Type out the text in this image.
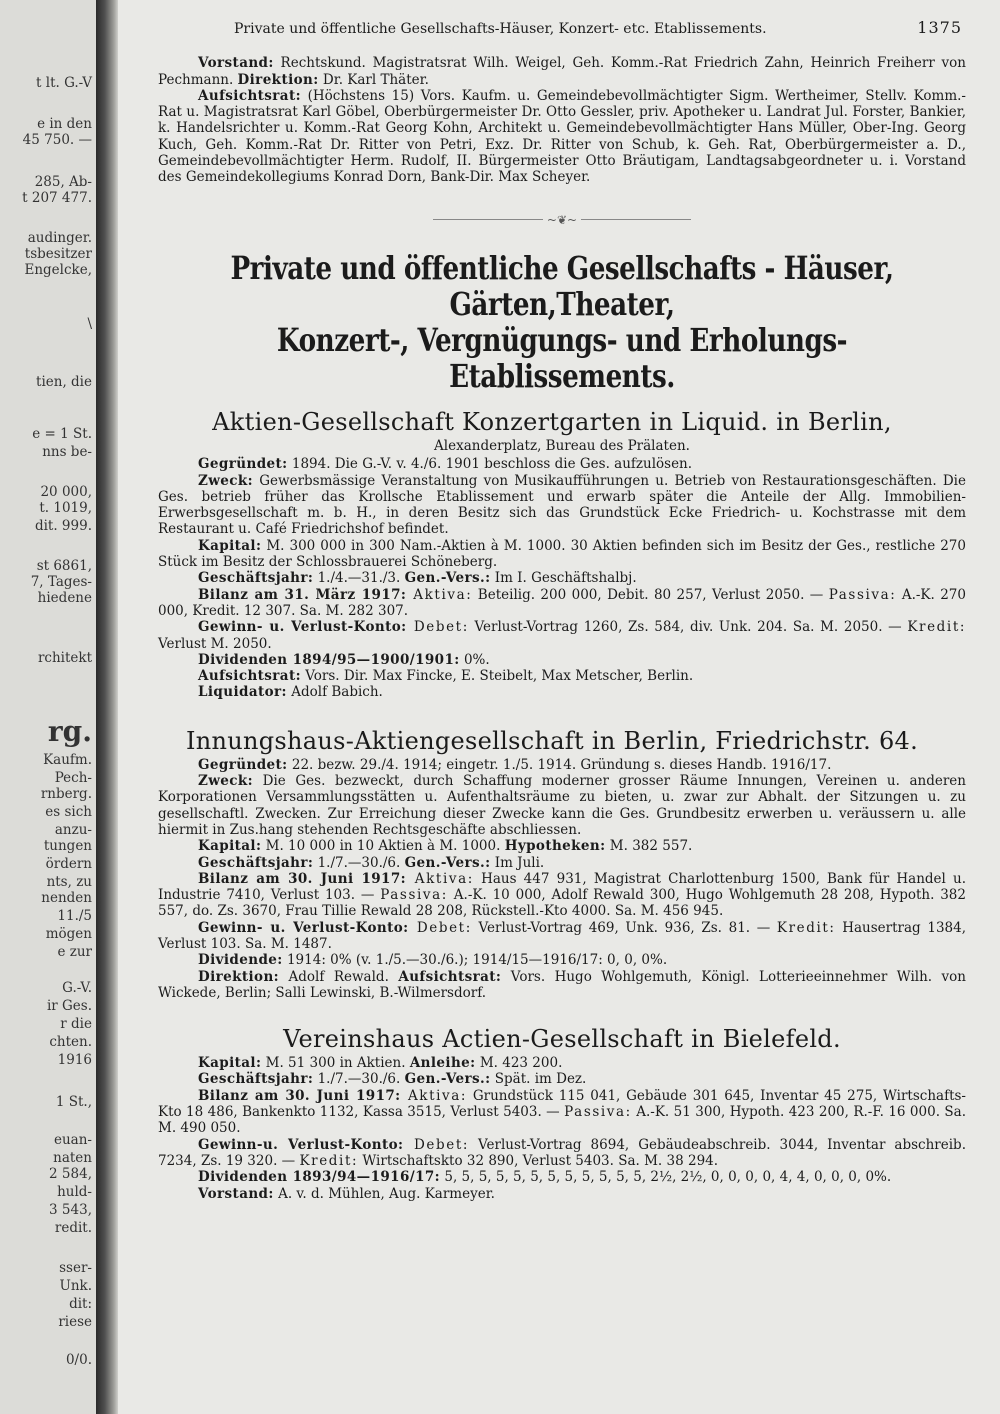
t lt. G.-V
e in den
45 750. —
285, Ab-
t 207 477.
audinger.
tsbesitzer
Engelcke,
\
tien, die
e = 1 St.
nns be-
20 000,
t. 1019,
dit. 999.
st 6861,
7, Tages-
hiedene
rchitekt
rg.
Kaufm.
Pech-
rnberg.
es sich
anzu-
tungen
ördern
nts, zu
nenden
11./5
mögen
e zur
G.-V.
ir Ges.
r die
chten.
1916
1 St.,
euan-
naten
2 584,
huld-
3 543,
redit.
sser-
Unk.
dit:
riese
0/0.
Private und öffentliche Gesellschafts-Häuser, Konzert- etc. Etablissements.	1375

Vorstand: Rechtskund. Magistratsrat Wilh. Weigel, Geh. Komm.-Rat Friedrich Zahn, Heinrich Freiherr von Pechmann. Direktion: Dr. Karl Thäter.

Aufsichtsrat: (Höchstens 15) Vors. Kaufm. u. Gemeindebevollmächtigter Sigm. Wertheimer, Stellv. Komm.-Rat u. Magistratsrat Karl Göbel, Oberbürgermeister Dr. Otto Gessler, priv. Apotheker u. Landrat Jul. Forster, Bankier, k. Handelsrichter u. Komm.-Rat Georg Kohn, Architekt u. Gemeindebevollmächtigter Hans Müller, Ober-Ing. Georg Kuch, Geh. Komm.-Rat Dr. Ritter von Petri, Exz. Dr. Ritter von Schub, k. Geh. Rat, Oberbürgermeister a. D., Gemeindebevollmächtigter Herm. Rudolf, II. Bürgermeister Otto Bräutigam, Landtagsabgeordneter u. i. Vorstand des Gemeindekollegiums Konrad Dorn, Bank-Dir. Max Scheyer.

~❦~
Private und öffentliche Gesellschafts - Häuser, Gärten,Theater,
Konzert-, Vergnügungs- und Erholungs-Etablissements.
Aktien-Gesellschaft Konzertgarten in Liquid. in Berlin,
Alexanderplatz, Bureau des Prälaten.

Gegründet: 1894. Die G.-V. v. 4./6. 1901 beschloss die Ges. aufzulösen.

Zweck: Gewerbsmässige Veranstaltung von Musikaufführungen u. Betrieb von Restaurationsgeschäften. Die Ges. betrieb früher das Krollsche Etablissement und erwarb später die Anteile der Allg. Immobilien-Erwerbsgesellschaft m. b. H., in deren Besitz sich das Grundstück Ecke Friedrich- u. Kochstrasse mit dem Restaurant u. Café Friedrichshof befindet.

Kapital: M. 300 000 in 300 Nam.-Aktien à M. 1000. 30 Aktien befinden sich im Besitz der Ges., restliche 270 Stück im Besitz der Schlossbrauerei Schöneberg.

Geschäftsjahr: 1./4.—31./3. Gen.-Vers.: Im I. Geschäftshalbj.

Bilanz am 31. März 1917: Aktiva: Beteilig. 200 000, Debit. 80 257, Verlust 2050. — Passiva: A.-K. 270 000, Kredit. 12 307. Sa. M. 282 307.

Gewinn- u. Verlust-Konto: Debet: Verlust-Vortrag 1260, Zs. 584, div. Unk. 204. Sa. M. 2050. — Kredit: Verlust M. 2050.

Dividenden 1894/95—1900/1901: 0%.

Aufsichtsrat: Vors. Dir. Max Fincke, E. Steibelt, Max Metscher, Berlin.

Liquidator: Adolf Babich.

Innungshaus-Aktiengesellschaft in Berlin, Friedrichstr. 64.

Gegründet: 22. bezw. 29./4. 1914; eingetr. 1./5. 1914. Gründung s. dieses Handb. 1916/17.

Zweck: Die Ges. bezweckt, durch Schaffung moderner grosser Räume Innungen, Vereinen u. anderen Korporationen Versammlungsstätten u. Aufenthaltsräume zu bieten, u. zwar zur Abhalt. der Sitzungen u. zu gesellschaftl. Zwecken. Zur Erreichung dieser Zwecke kann die Ges. Grundbesitz erwerben u. veräussern u. alle hiermit in Zus.hang stehenden Rechtsgeschäfte abschliessen.

Kapital: M. 10 000 in 10 Aktien à M. 1000. Hypotheken: M. 382 557.

Geschäftsjahr: 1./7.—30./6. Gen.-Vers.: Im Juli.

Bilanz am 30. Juni 1917: Aktiva: Haus 447 931, Magistrat Charlottenburg 1500, Bank für Handel u. Industrie 7410, Verlust 103. — Passiva: A.-K. 10 000, Adolf Rewald 300, Hugo Wohlgemuth 28 208, Hypoth. 382 557, do. Zs. 3670, Frau Tillie Rewald 28 208, Rückstell.-Kto 4000. Sa. M. 456 945.

Gewinn- u. Verlust-Konto: Debet: Verlust-Vortrag 469, Unk. 936, Zs. 81. — Kredit: Hausertrag 1384, Verlust 103. Sa. M. 1487.

Dividende: 1914: 0% (v. 1./5.—30./6.); 1914/15—1916/17: 0, 0, 0%.

Direktion: Adolf Rewald. Aufsichtsrat: Vors. Hugo Wohlgemuth, Königl. Lotterieeinnehmer Wilh. von Wickede, Berlin; Salli Lewinski, B.-Wilmersdorf.

Vereinshaus Actien-Gesellschaft in Bielefeld.

Kapital: M. 51 300 in Aktien. Anleihe: M. 423 200.

Geschäftsjahr: 1./7.—30./6. Gen.-Vers.: Spät. im Dez.

Bilanz am 30. Juni 1917: Aktiva: Grundstück 115 041, Gebäude 301 645, Inventar 45 275, Wirtschafts-Kto 18 486, Bankenkto 1132, Kassa 3515, Verlust 5403. — Passiva: A.-K. 51 300, Hypoth. 423 200, R.-F. 16 000. Sa. M. 490 050.

Gewinn-u. Verlust-Konto: Debet: Verlust-Vortrag 8694, Gebäudeabschreib. 3044, Inventar abschreib. 7234, Zs. 19 320. — Kredit: Wirtschaftskto 32 890, Verlust 5403. Sa. M. 38 294.

Dividenden 1893/94—1916/17: 5, 5, 5, 5, 5, 5, 5, 5, 5, 5, 5, 5, 2½, 2½, 0, 0, 0, 0, 4, 4, 0, 0, 0, 0%.

Vorstand: A. v. d. Mühlen, Aug. Karmeyer.
